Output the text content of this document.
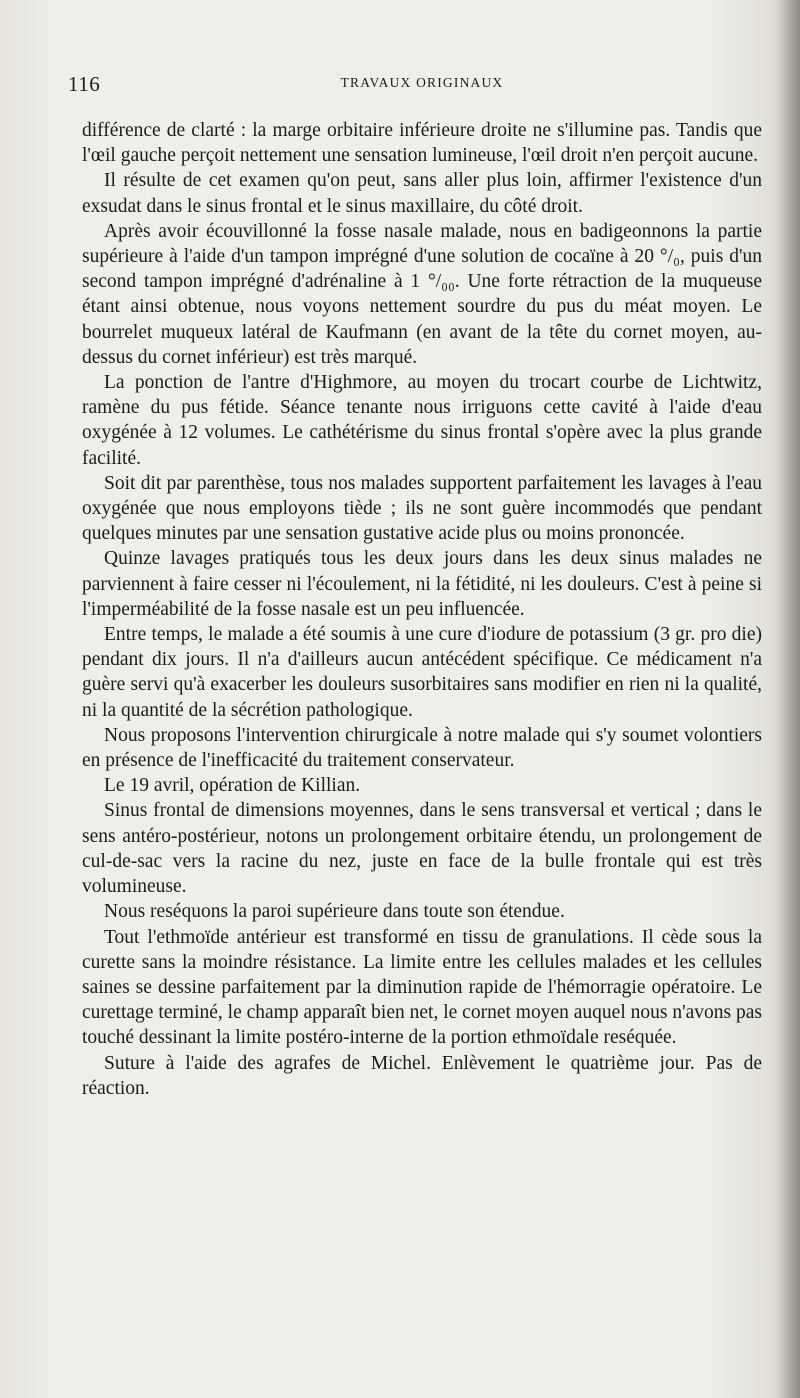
116	TRAVAUX ORIGINAUX

différence de clarté : la marge orbitaire inférieure droite ne s'illumine pas. Tandis que l'œil gauche perçoit nettement une sensation lumineuse, l'œil droit n'en perçoit aucune.

Il résulte de cet examen qu'on peut, sans aller plus loin, affirmer l'existence d'un exsudat dans le sinus frontal et le sinus maxillaire, du côté droit.

Après avoir écouvillonné la fosse nasale malade, nous en badigeonnons la partie supérieure à l'aide d'un tampon imprégné d'une solution de cocaïne à 20 °/₀, puis d'un second tampon imprégné d'adrénaline à 1 °/₀₀. Une forte rétraction de la muqueuse étant ainsi obtenue, nous voyons nettement sourdre du pus du méat moyen. Le bourrelet muqueux latéral de Kaufmann (en avant de la tête du cornet moyen, au-dessus du cornet inférieur) est très marqué.

La ponction de l'antre d'Highmore, au moyen du trocart courbe de Lichtwitz, ramène du pus fétide. Séance tenante nous irriguons cette cavité à l'aide d'eau oxygénée à 12 volumes. Le cathétérisme du sinus frontal s'opère avec la plus grande facilité.

Soit dit par parenthèse, tous nos malades supportent parfaitement les lavages à l'eau oxygénée que nous employons tiède ; ils ne sont guère incommodés que pendant quelques minutes par une sensation gustative acide plus ou moins prononcée.

Quinze lavages pratiqués tous les deux jours dans les deux sinus malades ne parviennent à faire cesser ni l'écoulement, ni la fétidité, ni les douleurs. C'est à peine si l'imperméabilité de la fosse nasale est un peu influencée.

Entre temps, le malade a été soumis à une cure d'iodure de potassium (3 gr. pro die) pendant dix jours. Il n'a d'ailleurs aucun antécédent spécifique. Ce médicament n'a guère servi qu'à exacerber les douleurs susorbitaires sans modifier en rien ni la qualité, ni la quantité de la sécrétion pathologique.

Nous proposons l'intervention chirurgicale à notre malade qui s'y soumet volontiers en présence de l'inefficacité du traitement conservateur.

Le 19 avril, opération de Killian.

Sinus frontal de dimensions moyennes, dans le sens transversal et vertical ; dans le sens antéro-postérieur, notons un prolongement orbitaire étendu, un prolongement de cul-de-sac vers la racine du nez, juste en face de la bulle frontale qui est très volumineuse.

Nous reséquons la paroi supérieure dans toute son étendue.

Tout l'ethmoïde antérieur est transformé en tissu de granulations. Il cède sous la curette sans la moindre résistance. La limite entre les cellules malades et les cellules saines se dessine parfaitement par la diminution rapide de l'hémorragie opératoire. Le curettage terminé, le champ apparaît bien net, le cornet moyen auquel nous n'avons pas touché dessinant la limite postéro-interne de la portion ethmoïdale reséquée.

Suture à l'aide des agrafes de Michel. Enlèvement le quatrième jour. Pas de réaction.
